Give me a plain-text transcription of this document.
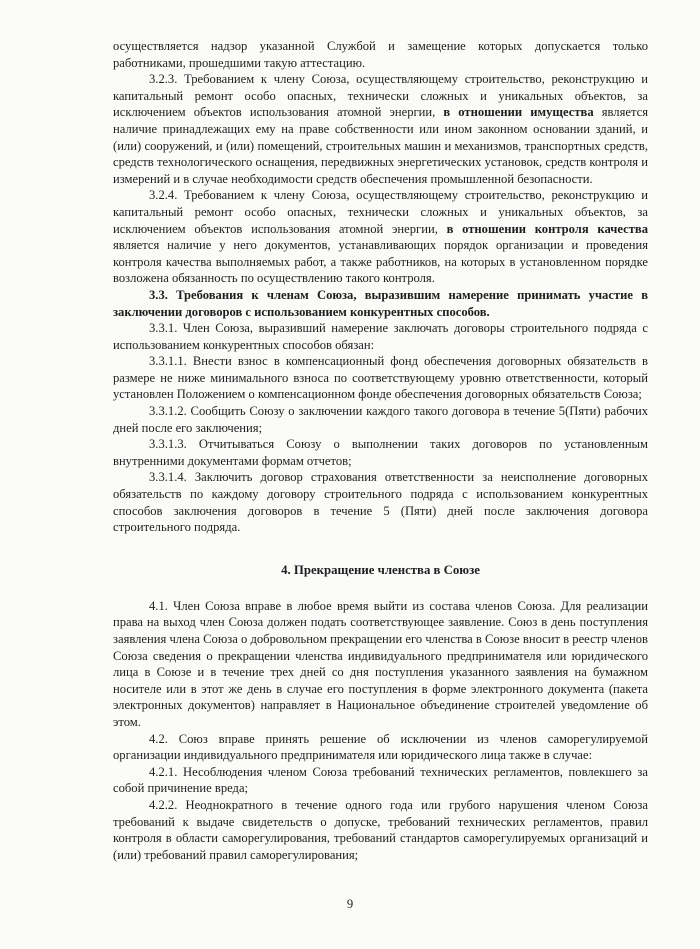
осуществляется надзор указанной Службой и замещение которых допускается только работниками, прошедшими такую аттестацию.

3.2.3. Требованием к члену Союза, осуществляющему строительство, реконструкцию и капитальный ремонт особо опасных, технически сложных и уникальных объектов, за исключением объектов использования атомной энергии, в отношении имущества является наличие принадлежащих ему на праве собственности или ином законном основании зданий, и (или) сооружений, и (или) помещений, строительных машин и механизмов, транспортных средств, средств технологического оснащения, передвижных энергетических установок, средств контроля и измерений и в случае необходимости средств обеспечения промышленной безопасности.

3.2.4. Требованием к члену Союза, осуществляющему строительство, реконструкцию и капитальный ремонт особо опасных, технически сложных и уникальных объектов, за исключением объектов использования атомной энергии, в отношении контроля качества является наличие у него документов, устанавливающих порядок организации и проведения контроля качества выполняемых работ, а также работников, на которых в установленном порядке возложена обязанность по осуществлению такого контроля.

3.3. Требования к членам Союза, выразившим намерение принимать участие в заключении договоров с использованием конкурентных способов.

3.3.1. Член Союза, выразивший намерение заключать договоры строительного подряда с использованием конкурентных способов обязан:

3.3.1.1. Внести взнос в компенсационный фонд обеспечения договорных обязательств в размере не ниже минимального взноса по соответствующему уровню ответственности, который установлен Положением о компенсационном фонде обеспечения договорных обязательств Союза;

3.3.1.2. Сообщить Союзу о заключении каждого такого договора в течение 5(Пяти) рабочих дней после его заключения;

3.3.1.3. Отчитываться Союзу о выполнении таких договоров по установленным внутренними документами формам отчетов;

3.3.1.4. Заключить договор страхования ответственности за неисполнение договорных обязательств по каждому договору строительного подряда с использованием конкурентных способов заключения договоров в течение 5 (Пяти) дней после заключения договора строительного подряда.

4. Прекращение членства в Союзе

4.1. Член Союза вправе в любое время выйти из состава членов Союза. Для реализации права на выход член Союза должен подать соответствующее заявление. Союз в день поступления заявления члена Союза о добровольном прекращении его членства в Союзе вносит в реестр членов Союза сведения о прекращении членства индивидуального предпринимателя или юридического лица в Союзе и в течение трех дней со дня поступления указанного заявления на бумажном носителе или в этот же день в случае его поступления в форме электронного документа (пакета электронных документов) направляет в Национальное объединение строителей уведомление об этом.

4.2. Союз вправе принять решение об исключении из членов саморегулируемой организации индивидуального предпринимателя или юридического лица также в случае:

4.2.1. Несоблюдения членом Союза требований технических регламентов, повлекшего за собой причинение вреда;

4.2.2. Неоднократного в течение одного года или грубого нарушения членом Союза требований к выдаче свидетельств о допуске, требований технических регламентов, правил контроля в области саморегулирования, требований стандартов саморегулируемых организаций и (или) требований правил саморегулирования;

9
